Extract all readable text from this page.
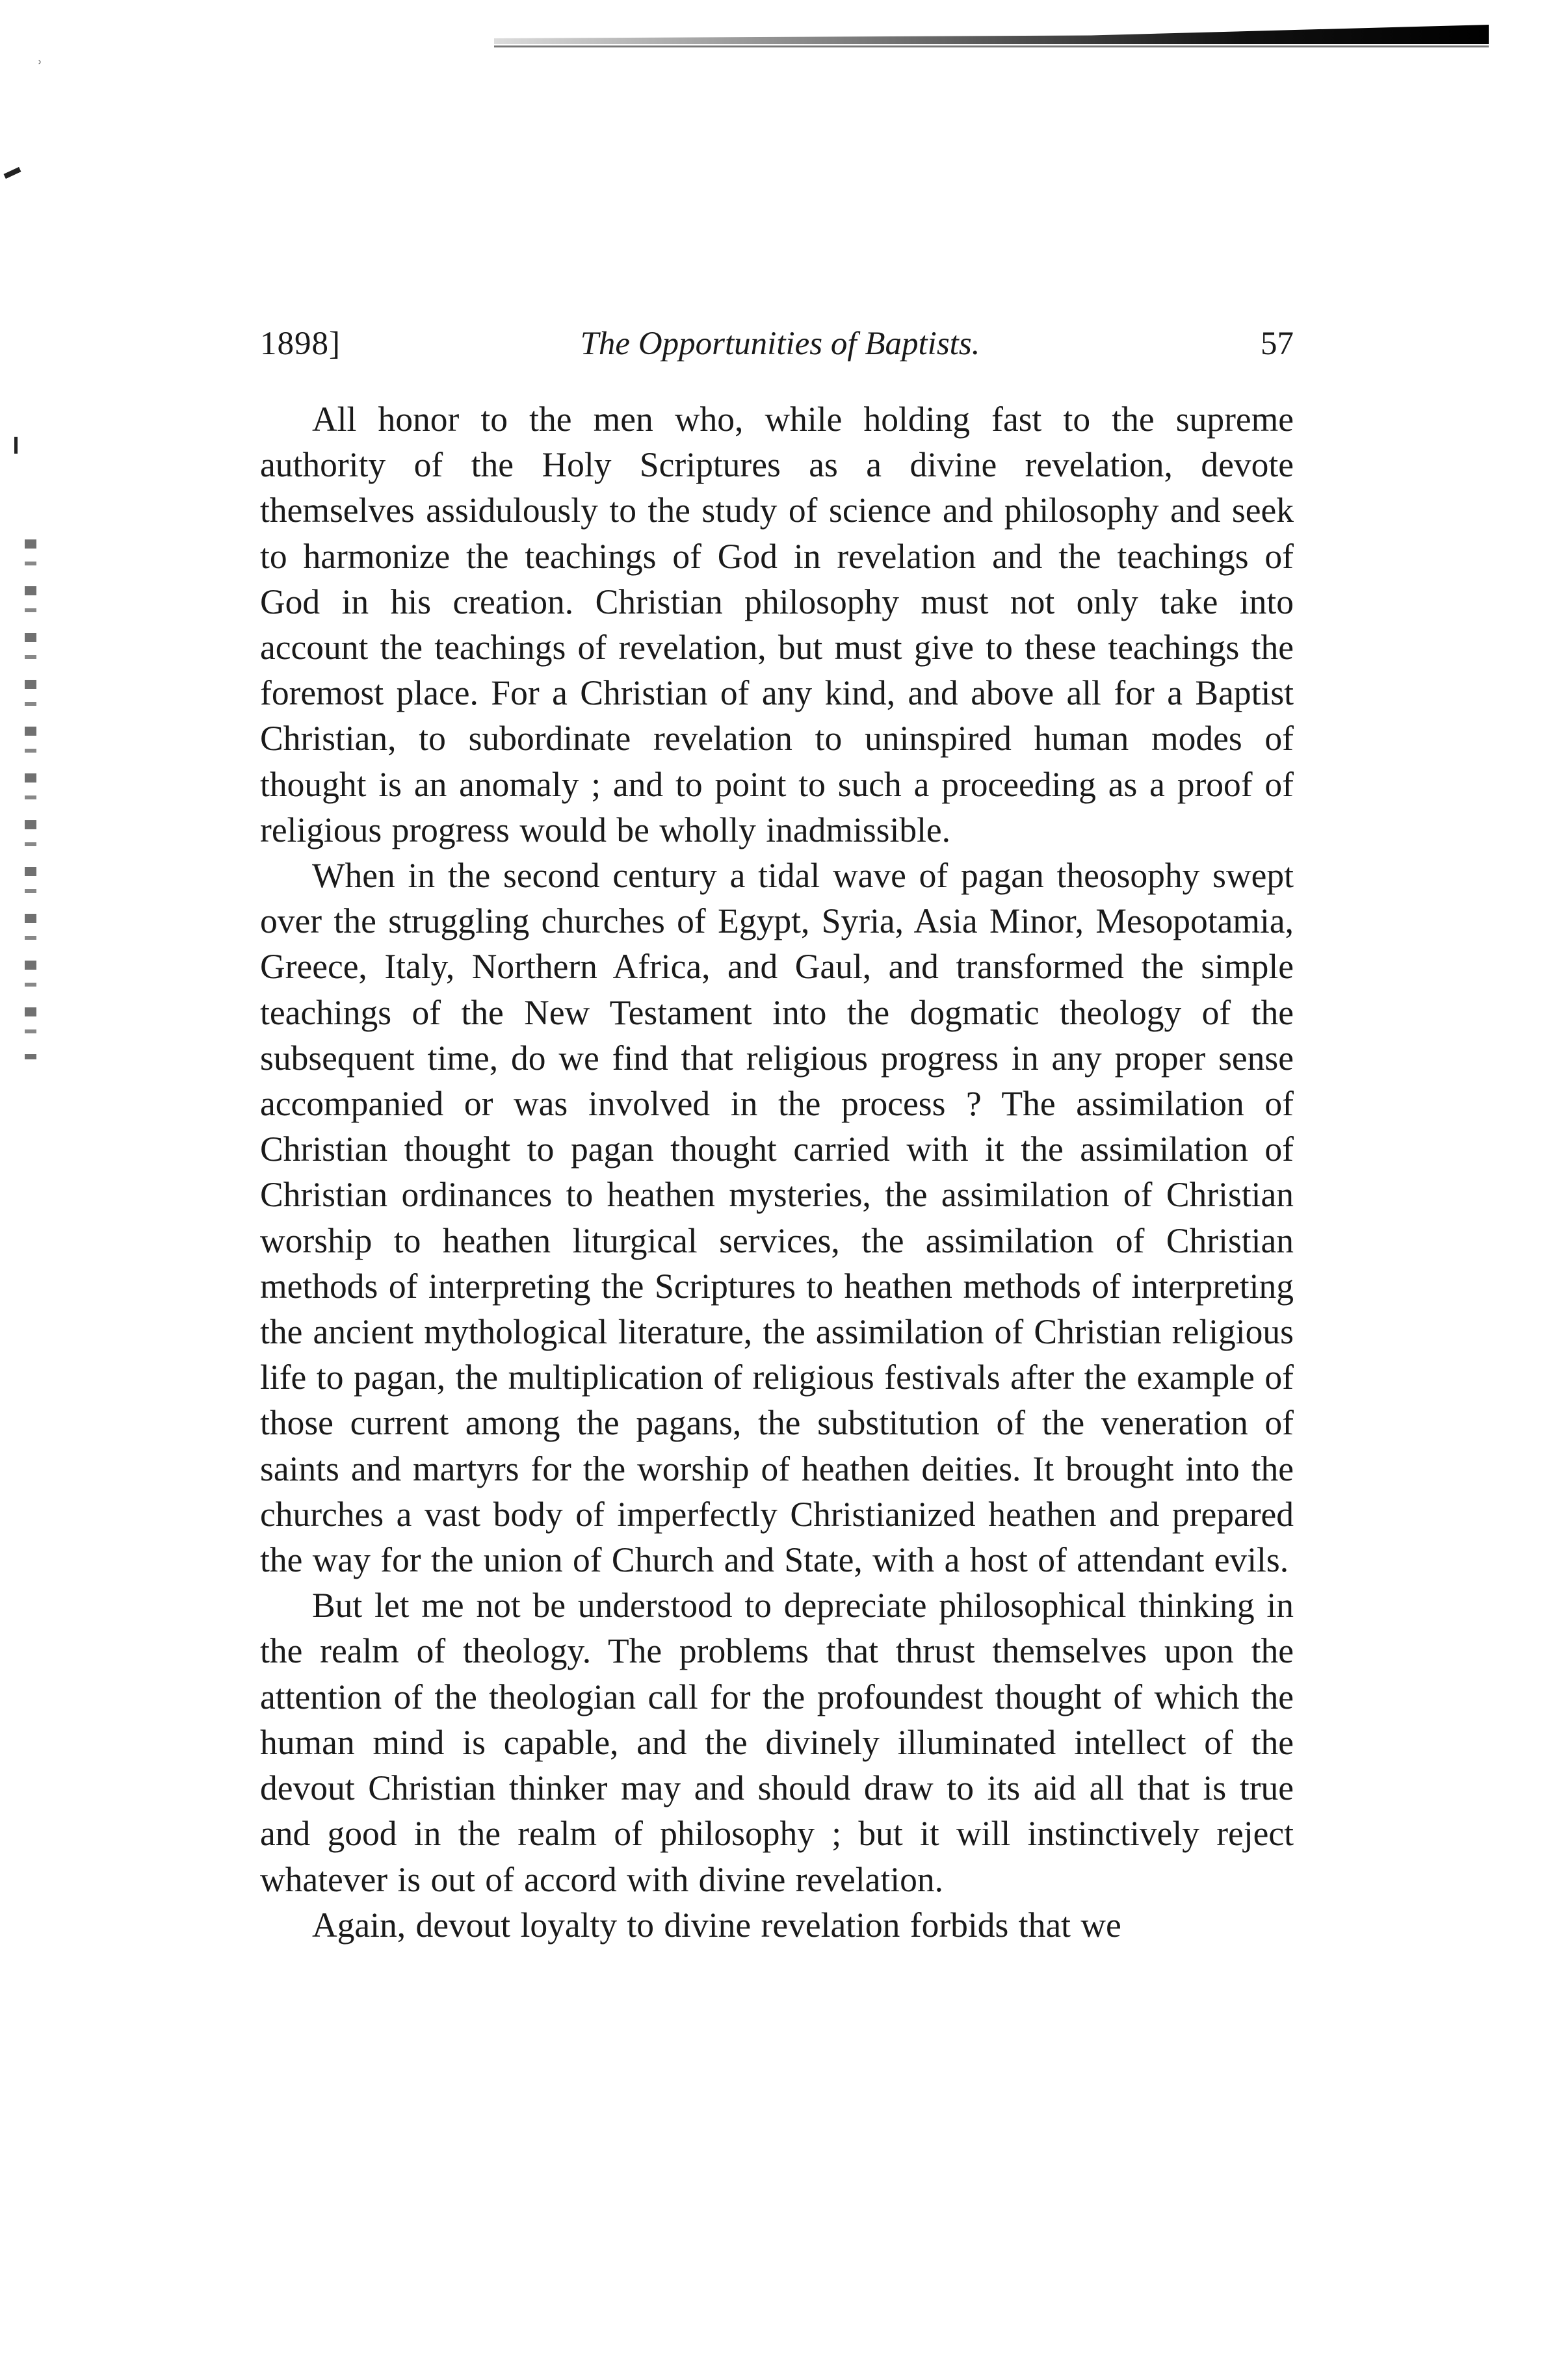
˒
1898]	The Opportunities of Baptists.	57

All honor to the men who, while holding fast to the supreme authority of the Holy Scriptures as a divine revelation, devote themselves assidulously to the study of science and philosophy and seek to harmonize the teachings of God in revelation and the teachings of God in his creation. Christian philosophy must not only take into account the teachings of revelation, but must give to these teachings the foremost place. For a Christian of any kind, and above all for a Baptist Christian, to subordinate revelation to uninspired human modes of thought is an anomaly ; and to point to such a proceeding as a proof of religious progress would be wholly inadmissible.

When in the second century a tidal wave of pagan theosophy swept over the struggling churches of Egypt, Syria, Asia Minor, Mesopotamia, Greece, Italy, Northern Africa, and Gaul, and transformed the simple teachings of the New Testament into the dogmatic theology of the subsequent time, do we find that religious progress in any proper sense accompanied or was involved in the process ? The assimilation of Christian thought to pagan thought carried with it the assimilation of Christian ordinances to heathen mysteries, the assimilation of Christian worship to heathen liturgical services, the assimilation of Christian methods of interpreting the Scriptures to heathen methods of interpreting the ancient mythological literature, the assimilation of Christian religious life to pagan, the multiplication of religious festivals after the example of those current among the pagans, the substitution of the veneration of saints and martyrs for the worship of heathen deities. It brought into the churches a vast body of imperfectly Christianized heathen and prepared the way for the union of Church and State, with a host of attendant evils.

But let me not be understood to depreciate philosophical thinking in the realm of theology. The problems that thrust themselves upon the attention of the theologian call for the profoundest thought of which the human mind is capable, and the divinely illuminated intellect of the devout Christian thinker may and should draw to its aid all that is true and good in the realm of philosophy ; but it will instinctively reject whatever is out of accord with divine revelation.

Again, devout loyalty to divine revelation forbids that we
